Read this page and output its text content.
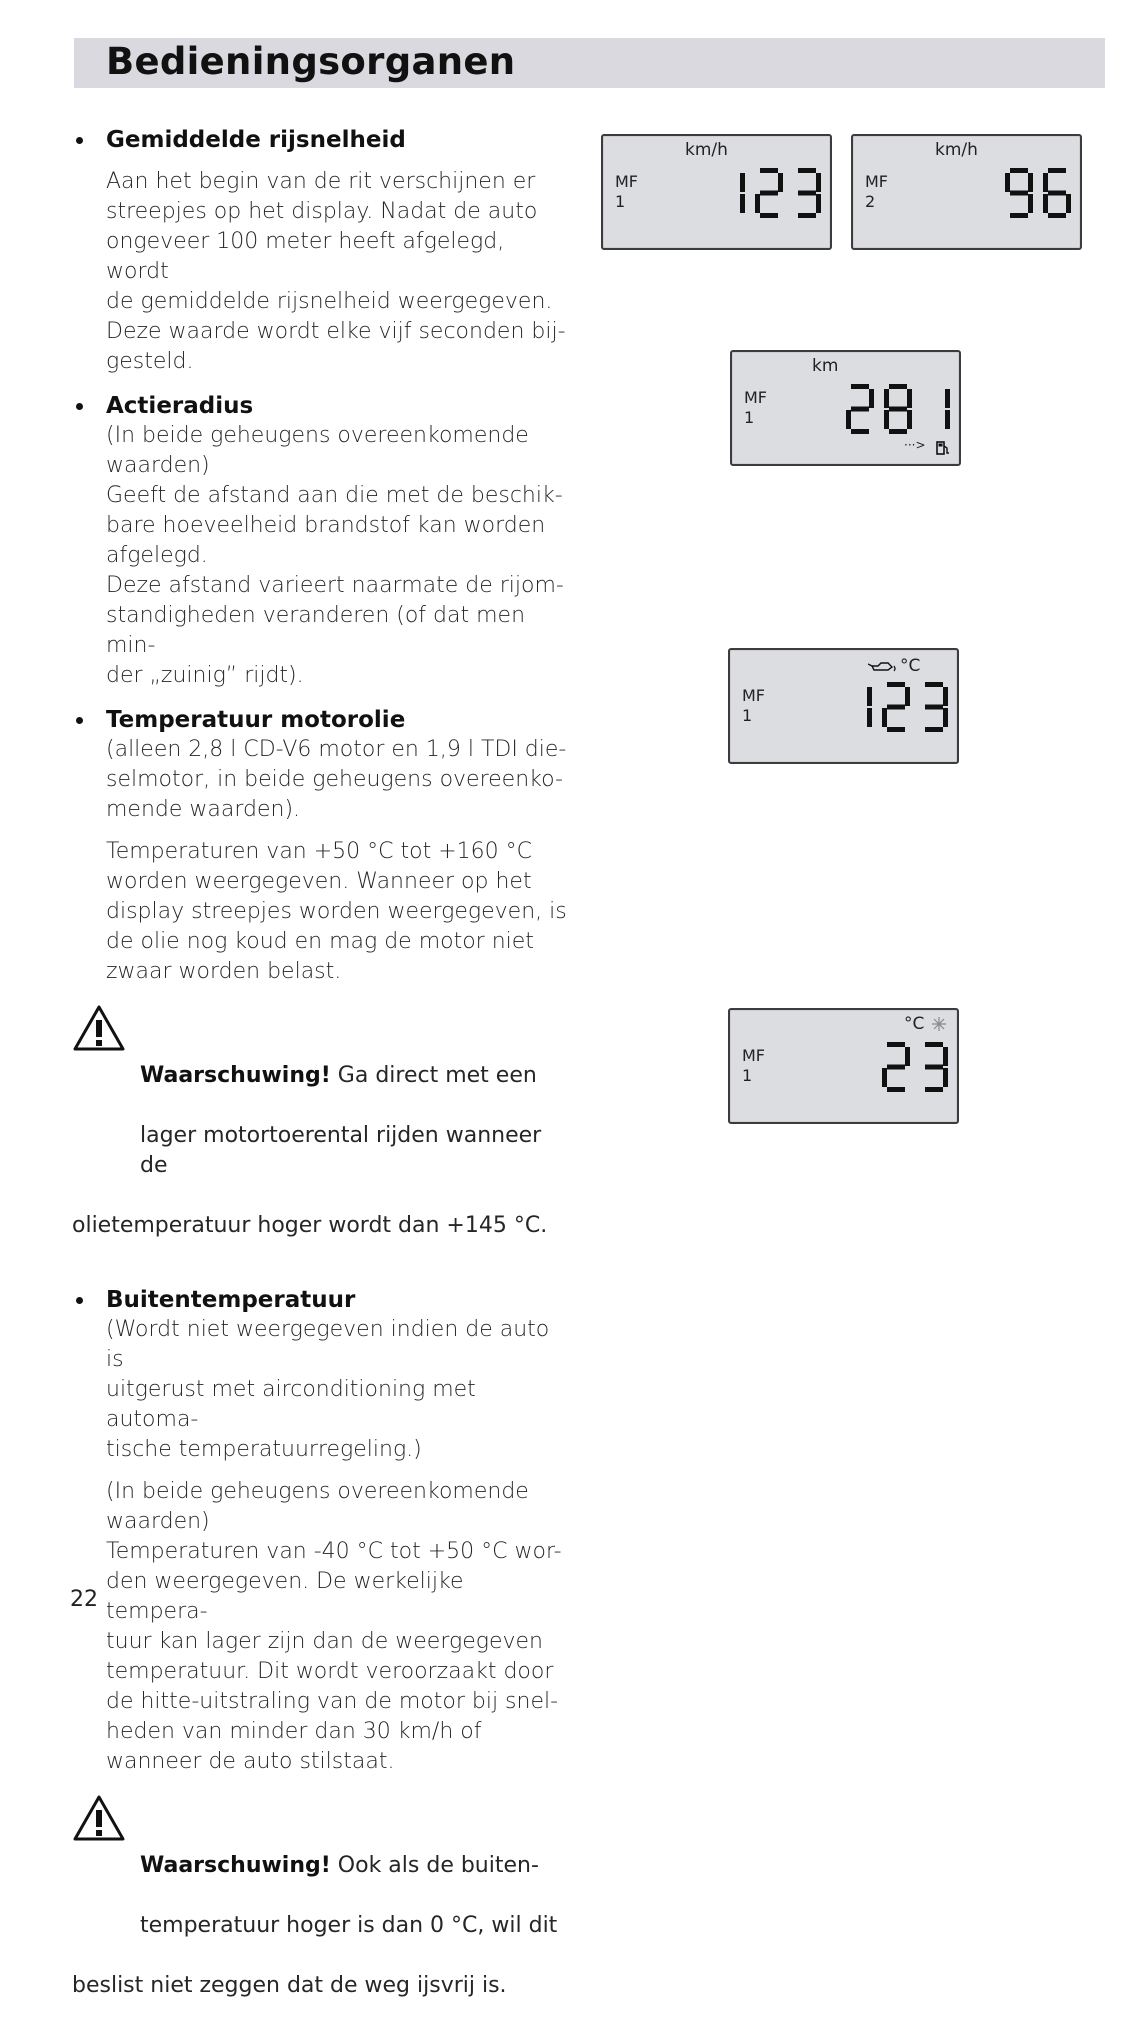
Bedieningsorganen
Gemiddelde rijsnelheid
Aan het begin van de rit verschijnen er
streepjes op het display. Nadat de auto
ongeveer 100 meter heeft afgelegd, wordt
de gemiddelde rijsnelheid weergegeven.
Deze waarde wordt elke vijf seconden bij-
gesteld.
Actieradius
(In beide geheugens overeenkomende
waarden)
Geeft de afstand aan die met de beschik-
bare hoeveelheid brandstof kan worden
afgelegd.
Deze afstand varieert naarmate de rijom-
standigheden veranderen (of dat men min-
der „zuinig” rijdt).
Temperatuur motorolie
(alleen 2,8 l CD-V6 motor en 1,9 l TDI die-
selmotor, in beide geheugens overeenko-
mende waarden).
Temperaturen van +50 °C tot +160 °C
worden weergegeven. Wanneer op het
display streepjes worden weergegeven, is
de olie nog koud en mag de motor niet
zwaar worden belast.

Waarschuwing! Ga direct met een

lager motortoerental rijden wanneer de

olietemperatuur hoger wordt dan +145 °C.

Buitentemperatuur
(Wordt niet weergegeven indien de auto is
uitgerust met airconditioning met automa-
tische temperatuurregeling.)
(In beide geheugens overeenkomende
waarden)
Temperaturen van -40 °C tot +50 °C wor-
den weergegeven. De werkelijke tempera-
tuur kan lager zijn dan de weergegeven
temperatuur. Dit wordt veroorzaakt door
de hitte-uitstraling van de motor bij snel-
heden van minder dan 30 km/h of
wanneer de auto stilstaat.

Waarschuwing! Ook als de buiten-

temperatuur hoger is dan 0 °C, wil dit

beslist niet zeggen dat de weg ijsvrij is.

km/h
MF
1
km/h
MF
2
km
MF
1
···>
°C
MF
1
°C
MF
1
22
